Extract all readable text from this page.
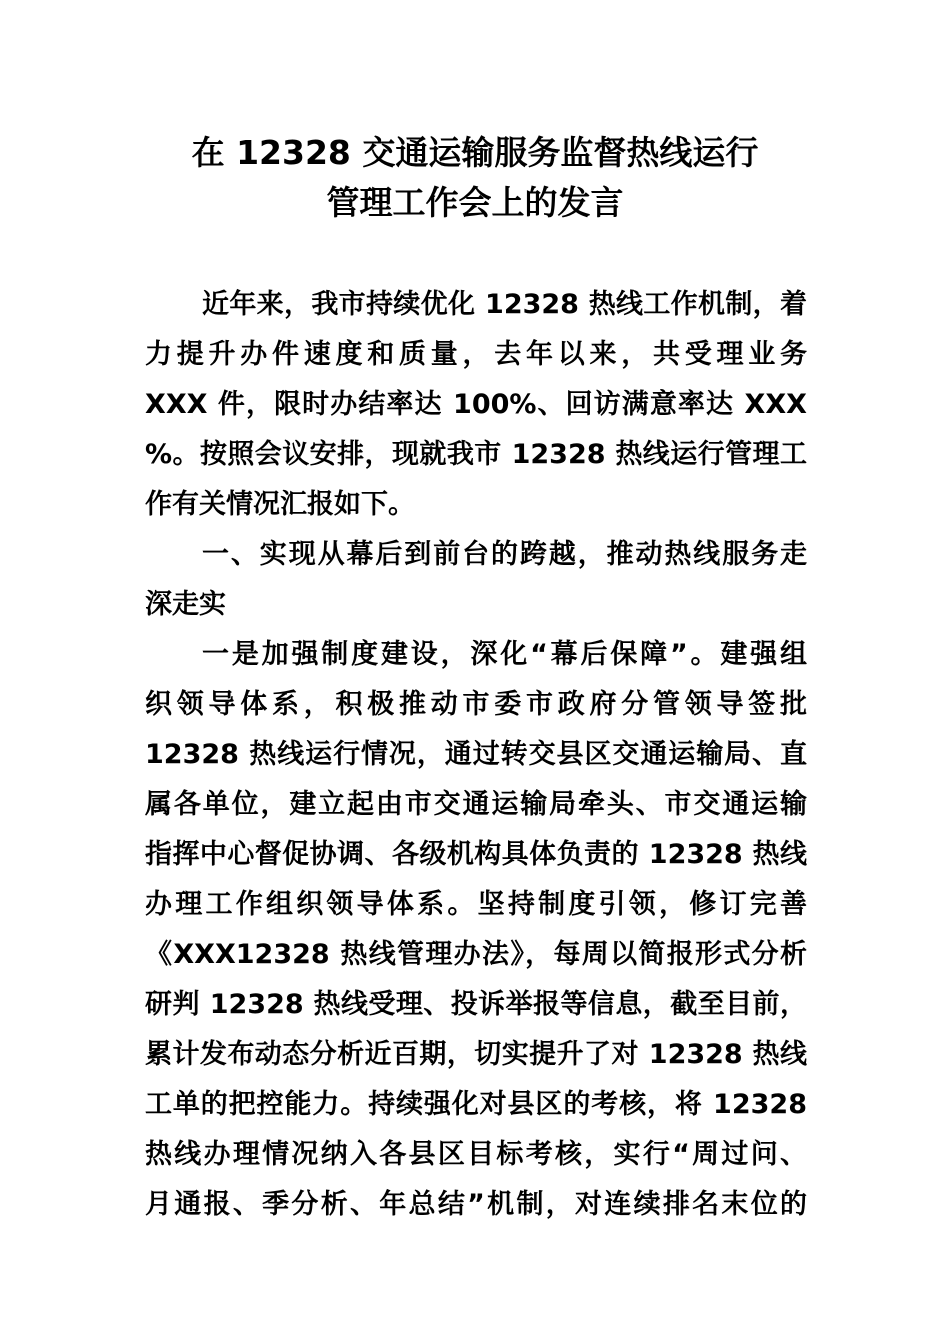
在 12328 交通运输服务监督热线运行
管理工作会上的发言
近年来，我市持续优化 12328 热线工作机制，着
力提升办件速度和质量，去年以来，共受理业务
XXX 件，限时办结率达 100%、回访满意率达 XXX
%。按照会议安排，现就我市 12328 热线运行管理工
作有关情况汇报如下。
一、实现从幕后到前台的跨越，推动热线服务走
深走实
一是加强制度建设，深化“幕后保障”。建强组
织领导体系，积极推动市委市政府分管领导签批
12328 热线运行情况，通过转交县区交通运输局、直
属各单位，建立起由市交通运输局牵头、市交通运输
指挥中心督促协调、各级机构具体负责的 12328 热线
办理工作组织领导体系。坚持制度引领，修订完善
《XXX12328 热线管理办法》，每周以简报形式分析
研判 12328 热线受理、投诉举报等信息，截至目前，
累计发布动态分析近百期，切实提升了对 12328 热线
工单的把控能力。持续强化对县区的考核，将 12328
热线办理情况纳入各县区目标考核，实行“周过问、
月通报、季分析、年总结”机制，对连续排名末位的
